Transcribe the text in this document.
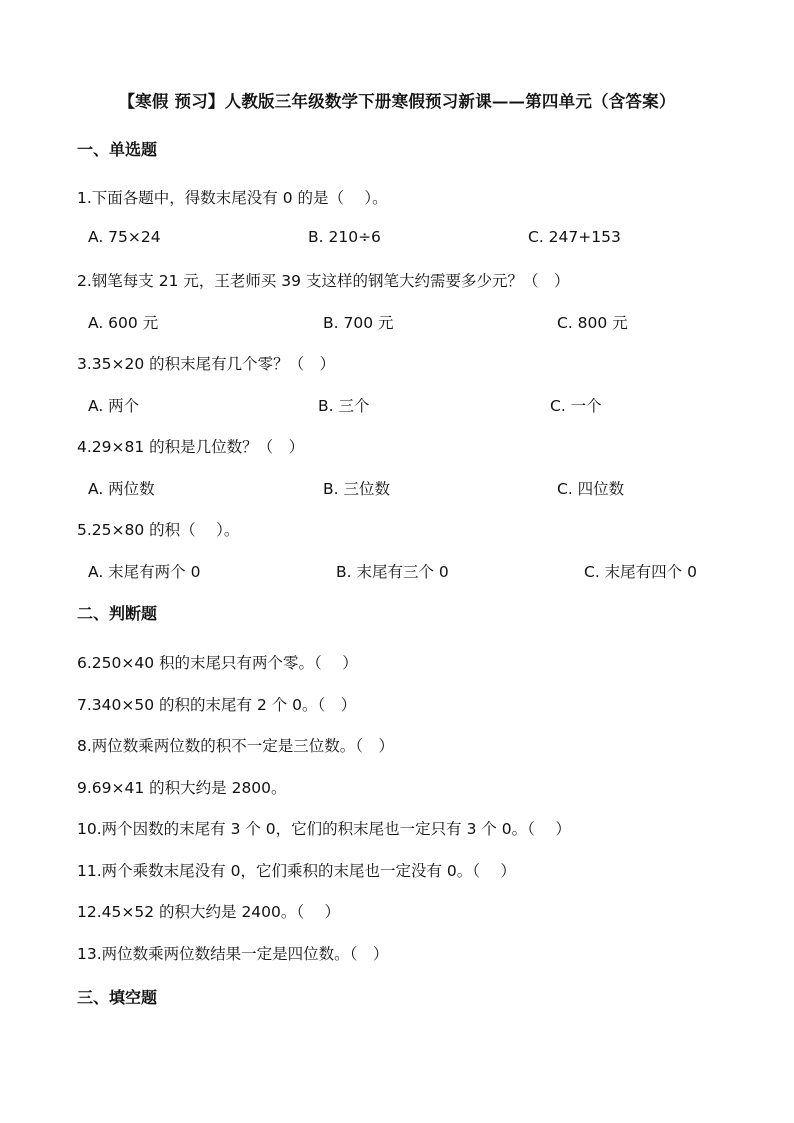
【寒假 预习】人教版三年级数学下册寒假预习新课——第四单元（含答案）
一、单选题
1.下面各题中，得数末尾没有 0 的是（　 ）。
A. 75×24	B. 210÷6	C. 247+153
2.钢笔每支 21 元，王老师买 39 支这样的钢笔大约需要多少元？（　）
A. 600 元	B. 700 元	C. 800 元
3.35×20 的积末尾有几个零？（　）
A. 两个	B. 三个	C. 一个
4.29×81 的积是几位数？（　）
A. 两位数	B. 三位数	C. 四位数
5.25×80 的积（　 ）。
A. 末尾有两个 0	B. 末尾有三个 0	C. 末尾有四个 0
二、判断题
6.250×40 积的末尾只有两个零。（　 ）
7.340×50 的积的末尾有 2 个 0。（　）
8.两位数乘两位数的积不一定是三位数。（　）
9.69×41 的积大约是 2800。
10.两个因数的末尾有 3 个 0，它们的积末尾也一定只有 3 个 0。（　 ）
11.两个乘数末尾没有 0，它们乘积的末尾也一定没有 0。（　 ）
12.45×52 的积大约是 2400。（　 ）
13.两位数乘两位数结果一定是四位数。（　）
三、填空题
